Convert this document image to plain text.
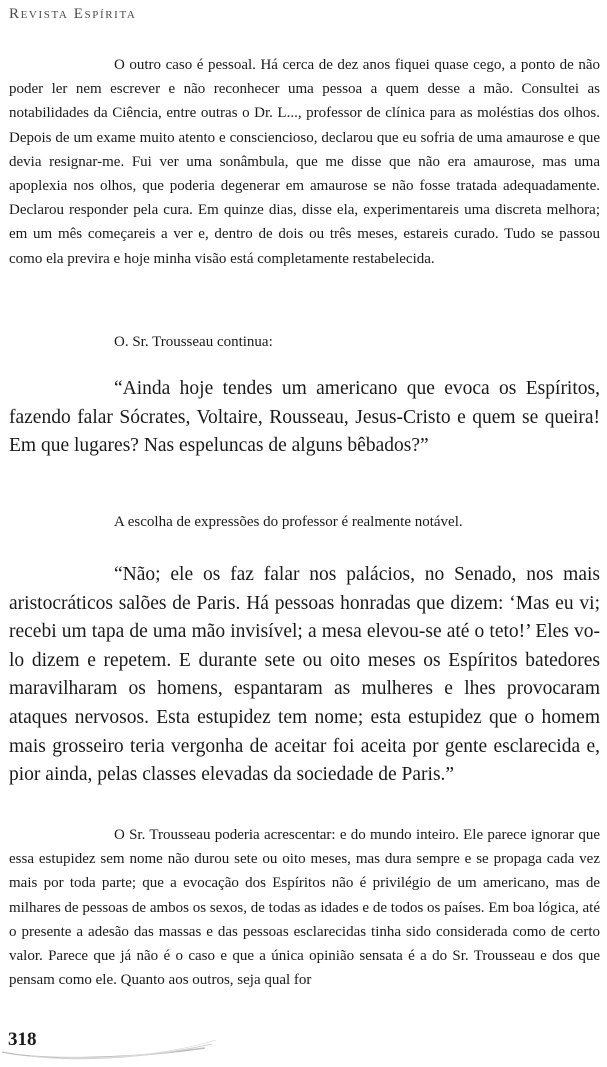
Revista Espírita

O outro caso é pessoal. Há cerca de dez anos fiquei quase cego, a ponto de não poder ler nem escrever e não reconhecer uma pessoa a quem desse a mão. Consultei as notabilidades da Ciência, entre outras o Dr. L..., professor de clínica para as moléstias dos olhos. Depois de um exame muito atento e consciencioso, declarou que eu sofria de uma amaurose e que devia resignar-me. Fui ver uma sonâmbula, que me disse que não era amaurose, mas uma apoplexia nos olhos, que poderia degenerar em amaurose se não fosse tratada adequadamente. Declarou responder pela cura. Em quinze dias, disse ela, experimentareis uma discreta melhora; em um mês começareis a ver e, dentro de dois ou três meses, estareis curado. Tudo se passou como ela previra e hoje minha visão está completamente restabelecida.

O. Sr. Trousseau continua:

“Ainda hoje tendes um americano que evoca os Espíritos, fazendo falar Sócrates, Voltaire, Rousseau, Jesus-Cristo e quem se queira! Em que lugares? Nas espeluncas de alguns bêbados?”

A escolha de expressões do professor é realmente notável.

“Não; ele os faz falar nos palácios, no Senado, nos mais aristocráticos salões de Paris. Há pessoas honradas que dizem: ‘Mas eu vi; recebi um tapa de uma mão invisível; a mesa elevou-se até o teto!’ Eles vo-lo dizem e repetem. E durante sete ou oito meses os Espíritos batedores maravilharam os homens, espantaram as mulheres e lhes provocaram ataques nervosos. Esta estupidez tem nome; esta estupidez que o homem mais grosseiro teria vergonha de aceitar foi aceita por gente esclarecida e, pior ainda, pelas classes elevadas da sociedade de Paris.”

O Sr. Trousseau poderia acrescentar: e do mundo inteiro. Ele parece ignorar que essa estupidez sem nome não durou sete ou oito meses, mas dura sempre e se propaga cada vez mais por toda parte; que a evocação dos Espíritos não é privilégio de um americano, mas de milhares de pessoas de ambos os sexos, de todas as idades e de todos os países. Em boa lógica, até o presente a adesão das massas e das pessoas esclarecidas tinha sido considerada como de certo valor. Parece que já não é o caso e que a única opinião sensata é a do Sr. Trousseau e dos que pensam como ele. Quanto aos outros, seja qual for

318
